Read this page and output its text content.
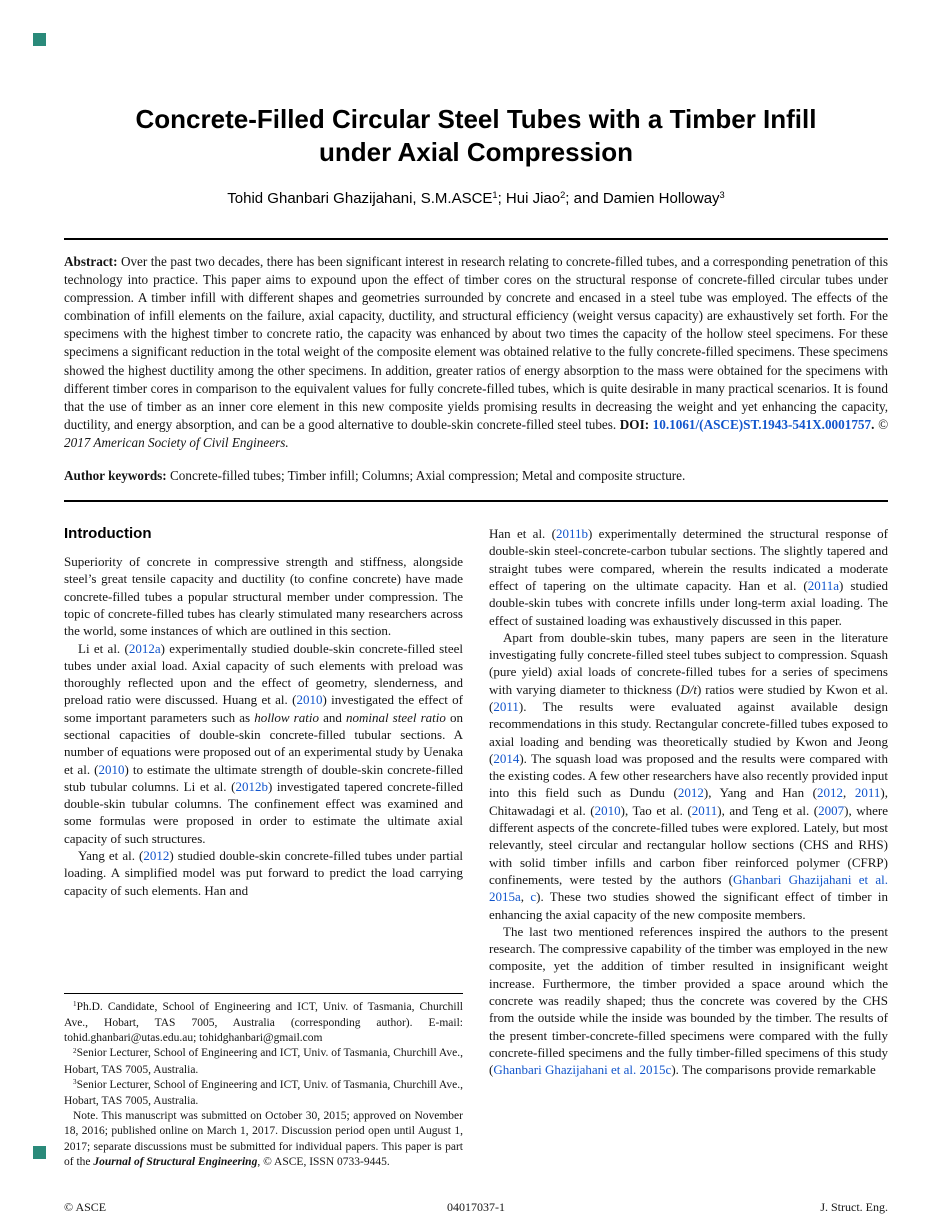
Concrete-Filled Circular Steel Tubes with a Timber Infill
under Axial Compression
Tohid Ghanbari Ghazijahani, S.M.ASCE$^1$; Hui Jiao$^2$; and Damien Holloway$^3$

Abstract: Over the past two decades, there has been significant interest in research relating to concrete-filled tubes, and a corresponding penetration of this technology into practice. This paper aims to expound upon the effect of timber cores on the structural response of concrete-filled circular tubes under compression. A timber infill with different shapes and geometries surrounded by concrete and encased in a steel tube was employed. The effects of the combination of infill elements on the failure, axial capacity, ductility, and structural efficiency (weight versus capacity) are exhaustively set forth. For the specimens with the highest timber to concrete ratio, the capacity was enhanced by about two times the capacity of the hollow steel specimens. For these specimens a significant reduction in the total weight of the composite element was obtained relative to the fully concrete-filled specimens. These specimens showed the highest ductility among the other specimens. In addition, greater ratios of energy absorption to the mass were obtained for the specimens with different timber cores in comparison to the equivalent values for fully concrete-filled tubes, which is quite desirable in many practical scenarios. It is found that the use of timber as an inner core element in this new composite yields promising results in decreasing the weight and yet enhancing the capacity, ductility, and energy absorption, and can be a good alternative to double-skin concrete-filled steel tubes. DOI: 10.1061/(ASCE)ST.1943-541X.0001757. © 2017 American Society of Civil Engineers.

Author keywords: Concrete-filled tubes; Timber infill; Columns; Axial compression; Metal and composite structure.

Introduction

Superiority of concrete in compressive strength and stiffness, alongside steel’s great tensile capacity and ductility (to confine concrete) have made concrete-filled tubes a popular structural member under compression. The topic of concrete-filled tubes has clearly stimulated many researchers across the world, some instances of which are outlined in this section.

Li et al. (2012a) experimentally studied double-skin concrete-filled steel tubes under axial load. Axial capacity of such elements with preload was thoroughly reflected upon and the effect of geometry, slenderness, and preload ratio were discussed. Huang et al. (2010) investigated the effect of some important parameters such as hollow ratio and nominal steel ratio on sectional capacities of double-skin concrete-filled tubular sections. A number of equations were proposed out of an experimental study by Uenaka et al. (2010) to estimate the ultimate strength of double-skin concrete-filled stub tubular columns. Li et al. (2012b) investigated tapered concrete-filled double-skin tubular columns. The confinement effect was examined and some formulas were proposed in order to estimate the ultimate axial capacity of such structures.

Yang et al. (2012) studied double-skin concrete-filled tubes under partial loading. A simplified model was put forward to predict the load carrying capacity of such elements. Han and

$^1$Ph.D. Candidate, School of Engineering and ICT, Univ. of Tasmania, Churchill Ave., Hobart, TAS 7005, Australia (corresponding author). E-mail: tohid.ghanbari@utas.edu.au; tohidghanbari@gmail.com

$^2$Senior Lecturer, School of Engineering and ICT, Univ. of Tasmania, Churchill Ave., Hobart, TAS 7005, Australia.

$^3$Senior Lecturer, School of Engineering and ICT, Univ. of Tasmania, Churchill Ave., Hobart, TAS 7005, Australia.

Note. This manuscript was submitted on October 30, 2015; approved on November 18, 2016; published online on March 1, 2017. Discussion period open until August 1, 2017; separate discussions must be submitted for individual papers. This paper is part of the Journal of Structural Engineering, © ASCE, ISSN 0733-9445.

Han et al. (2011b) experimentally determined the structural response of double-skin steel-concrete-carbon tubular sections. The slightly tapered and straight tubes were compared, wherein the results indicated a moderate effect of tapering on the ultimate capacity. Han et al. (2011a) studied double-skin tubes with concrete infills under long-term axial loading. The effect of sustained loading was exhaustively discussed in this paper.

Apart from double-skin tubes, many papers are seen in the literature investigating fully concrete-filled steel tubes subject to compression. Squash (pure yield) axial loads of concrete-filled tubes for a series of specimens with varying diameter to thickness (D/t) ratios were studied by Kwon et al. (2011). The results were evaluated against available design recommendations in this study. Rectangular concrete-filled tubes exposed to axial loading and bending was theoretically studied by Kwon and Jeong (2014). The squash load was proposed and the results were compared with the existing codes. A few other researchers have also recently provided input into this field such as Dundu (2012), Yang and Han (2012, 2011), Chitawadagi et al. (2010), Tao et al. (2011), and Teng et al. (2007), where different aspects of the concrete-filled tubes were explored. Lately, but most relevantly, steel circular and rectangular hollow sections (CHS and RHS) with solid timber infills and carbon fiber reinforced polymer (CFRP) confinements, were tested by the authors (Ghanbari Ghazijahani et al. 2015a, c). These two studies showed the significant effect of timber in enhancing the axial capacity of the new composite members.

The last two mentioned references inspired the authors to the present research. The compressive capability of the timber was employed in the new composite, yet the addition of timber resulted in insignificant weight increase. Furthermore, the timber provided a space around which the concrete was readily shaped; thus the concrete was covered by the CHS from the outside while the inside was bounded by the timber. The results of the present timber-concrete-filled specimens were compared with the fully concrete-filled specimens and the fully timber-filled specimens of this study (Ghanbari Ghazijahani et al. 2015c). The comparisons provide remarkable

© ASCE	04017037-1	J. Struct. Eng.
